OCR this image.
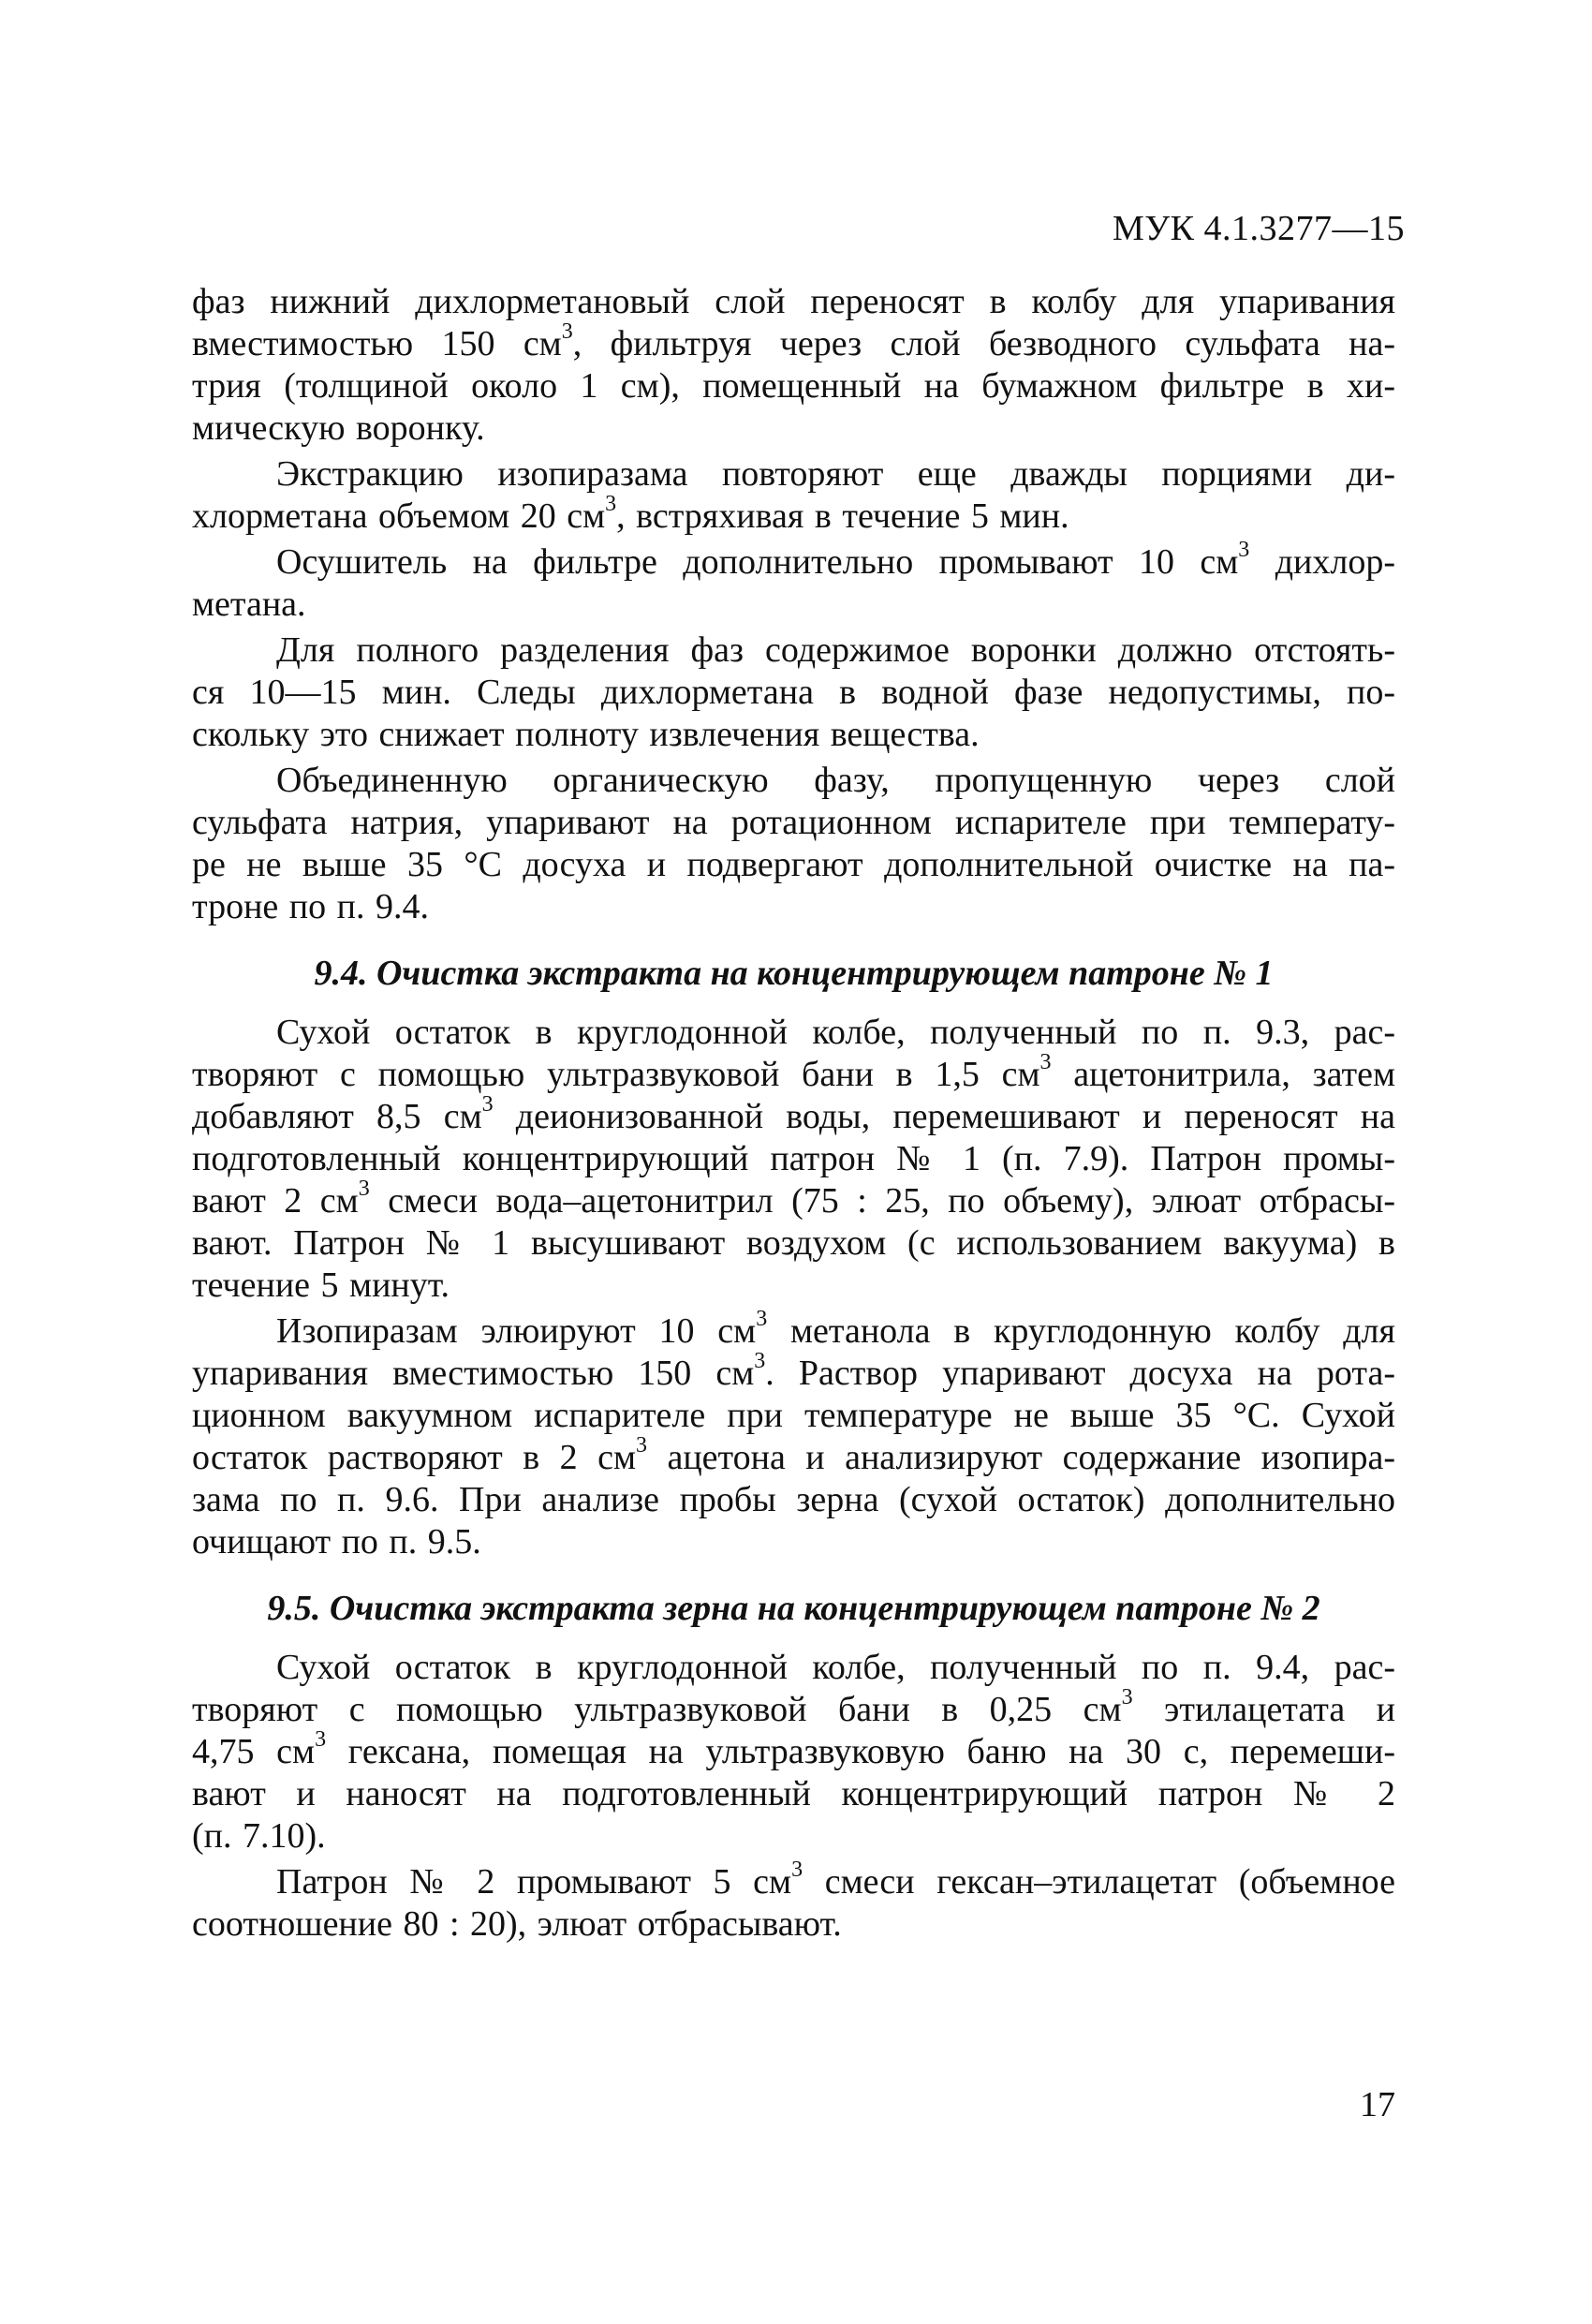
МУК 4.1.3277—15
фаз нижний дихлорметановый слой переносят в колбу для упаривания
вместимостью 150 $см^3$, фильтруя через слой безводного сульфата на-
трия (толщиной около 1 см), помещенный на бумажном фильтре в хи-
мическую воронку.
Экстракцию изопиразама повторяют еще дважды порциями ди-
хлорметана объемом 20 $см^3$, встряхивая в течение 5 мин.
Осушитель на фильтре дополнительно промывают 10 $см^3$ дихлор-
метана.
Для полного разделения фаз содержимое воронки должно отстоять-
ся 10—15 мин. Следы дихлорметана в водной фазе недопустимы, по-
скольку это снижает полноту извлечения вещества.
Объединенную органическую фазу, пропущенную через слой
сульфата натрия, упаривают на ротационном испарителе при температу-
ре не выше 35 °С досуха и подвергают дополнительной очистке на па-
троне по п. 9.4.
9.4. Очистка экстракта на концентрирующем патроне № 1
Сухой остаток в круглодонной колбе, полученный по п. 9.3, рас-
творяют с помощью ультразвуковой бани в 1,5 $см^3$ ацетонитрила, затем
добавляют 8,5 $см^3$ деионизованной воды, перемешивают и переносят на
подготовленный концентрирующий патрон № 1 (п. 7.9). Патрон промы-
вают 2 $см^3$ смеси вода–ацетонитрил (75 : 25, по объему), элюат отбрасы-
вают. Патрон № 1 высушивают воздухом (с использованием вакуума) в
течение 5 минут.
Изопиразам элюируют 10 $см^3$ метанола в круглодонную колбу для
упаривания вместимостью 150 $см^3$. Раствор упаривают досуха на рота-
ционном вакуумном испарителе при температуре не выше 35 °С. Сухой
остаток растворяют в 2 $см^3$ ацетона и анализируют содержание изопира-
зама по п. 9.6. При анализе пробы зерна (сухой остаток) дополнительно
очищают по п. 9.5.
9.5. Очистка экстракта зерна на концентрирующем патроне № 2
Сухой остаток в круглодонной колбе, полученный по п. 9.4, рас-
творяют с помощью ультразвуковой бани в 0,25 $см^3$ этилацетата и
4,75 $см^3$ гексана, помещая на ультразвуковую баню на 30 с, перемеши-
вают и наносят на подготовленный концентрирующий патрон № 2
(п. 7.10).
Патрон № 2 промывают 5 $см^3$ смеси гексан–этилацетат (объемное
соотношение 80 : 20), элюат отбрасывают.
17
